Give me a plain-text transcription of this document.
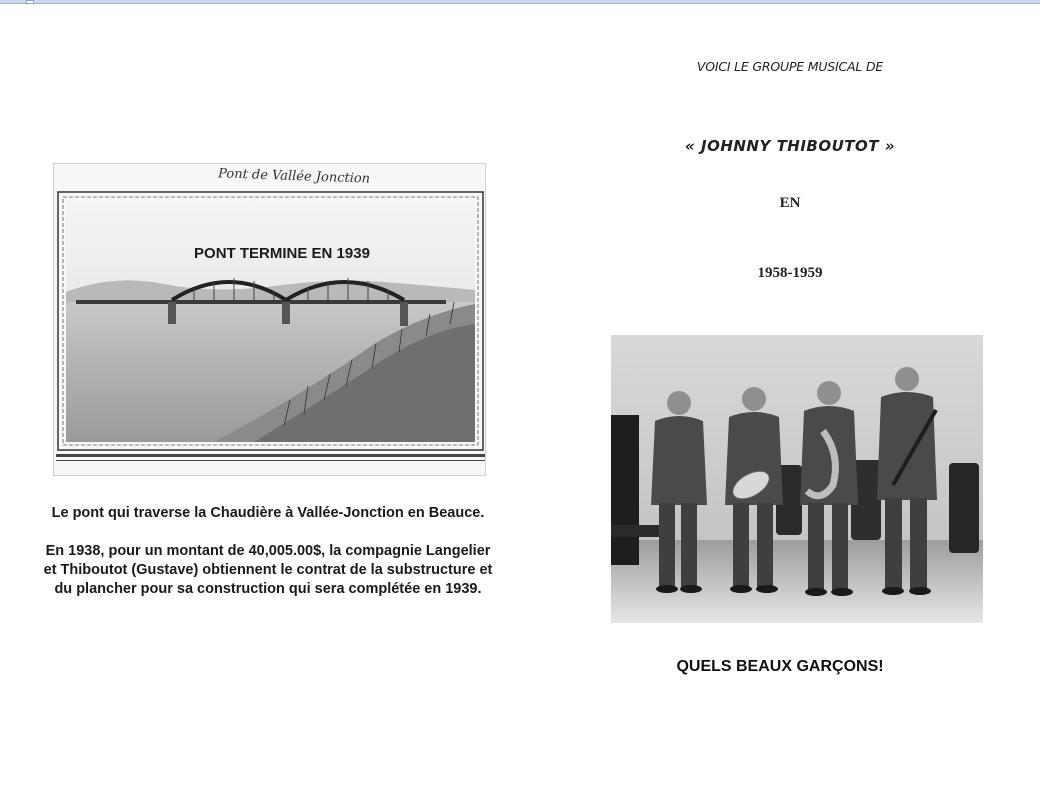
Pont de Vallée Jonction
PONT TERMINE EN 1939

Le pont qui traverse la Chaudière à Vallée-Jonction en Beauce.

En 1938, pour un montant de 40,005.00$, la compagnie Langelier et Thiboutot (Gustave) obtiennent le contrat de la substructure et du plancher pour sa construction qui sera complétée en 1939.

VOICI LE GROUPE MUSICAL DE
« JOHNNY THIBOUTOT »
EN
1958-1959
QUELS BEAUX GARÇONS!
